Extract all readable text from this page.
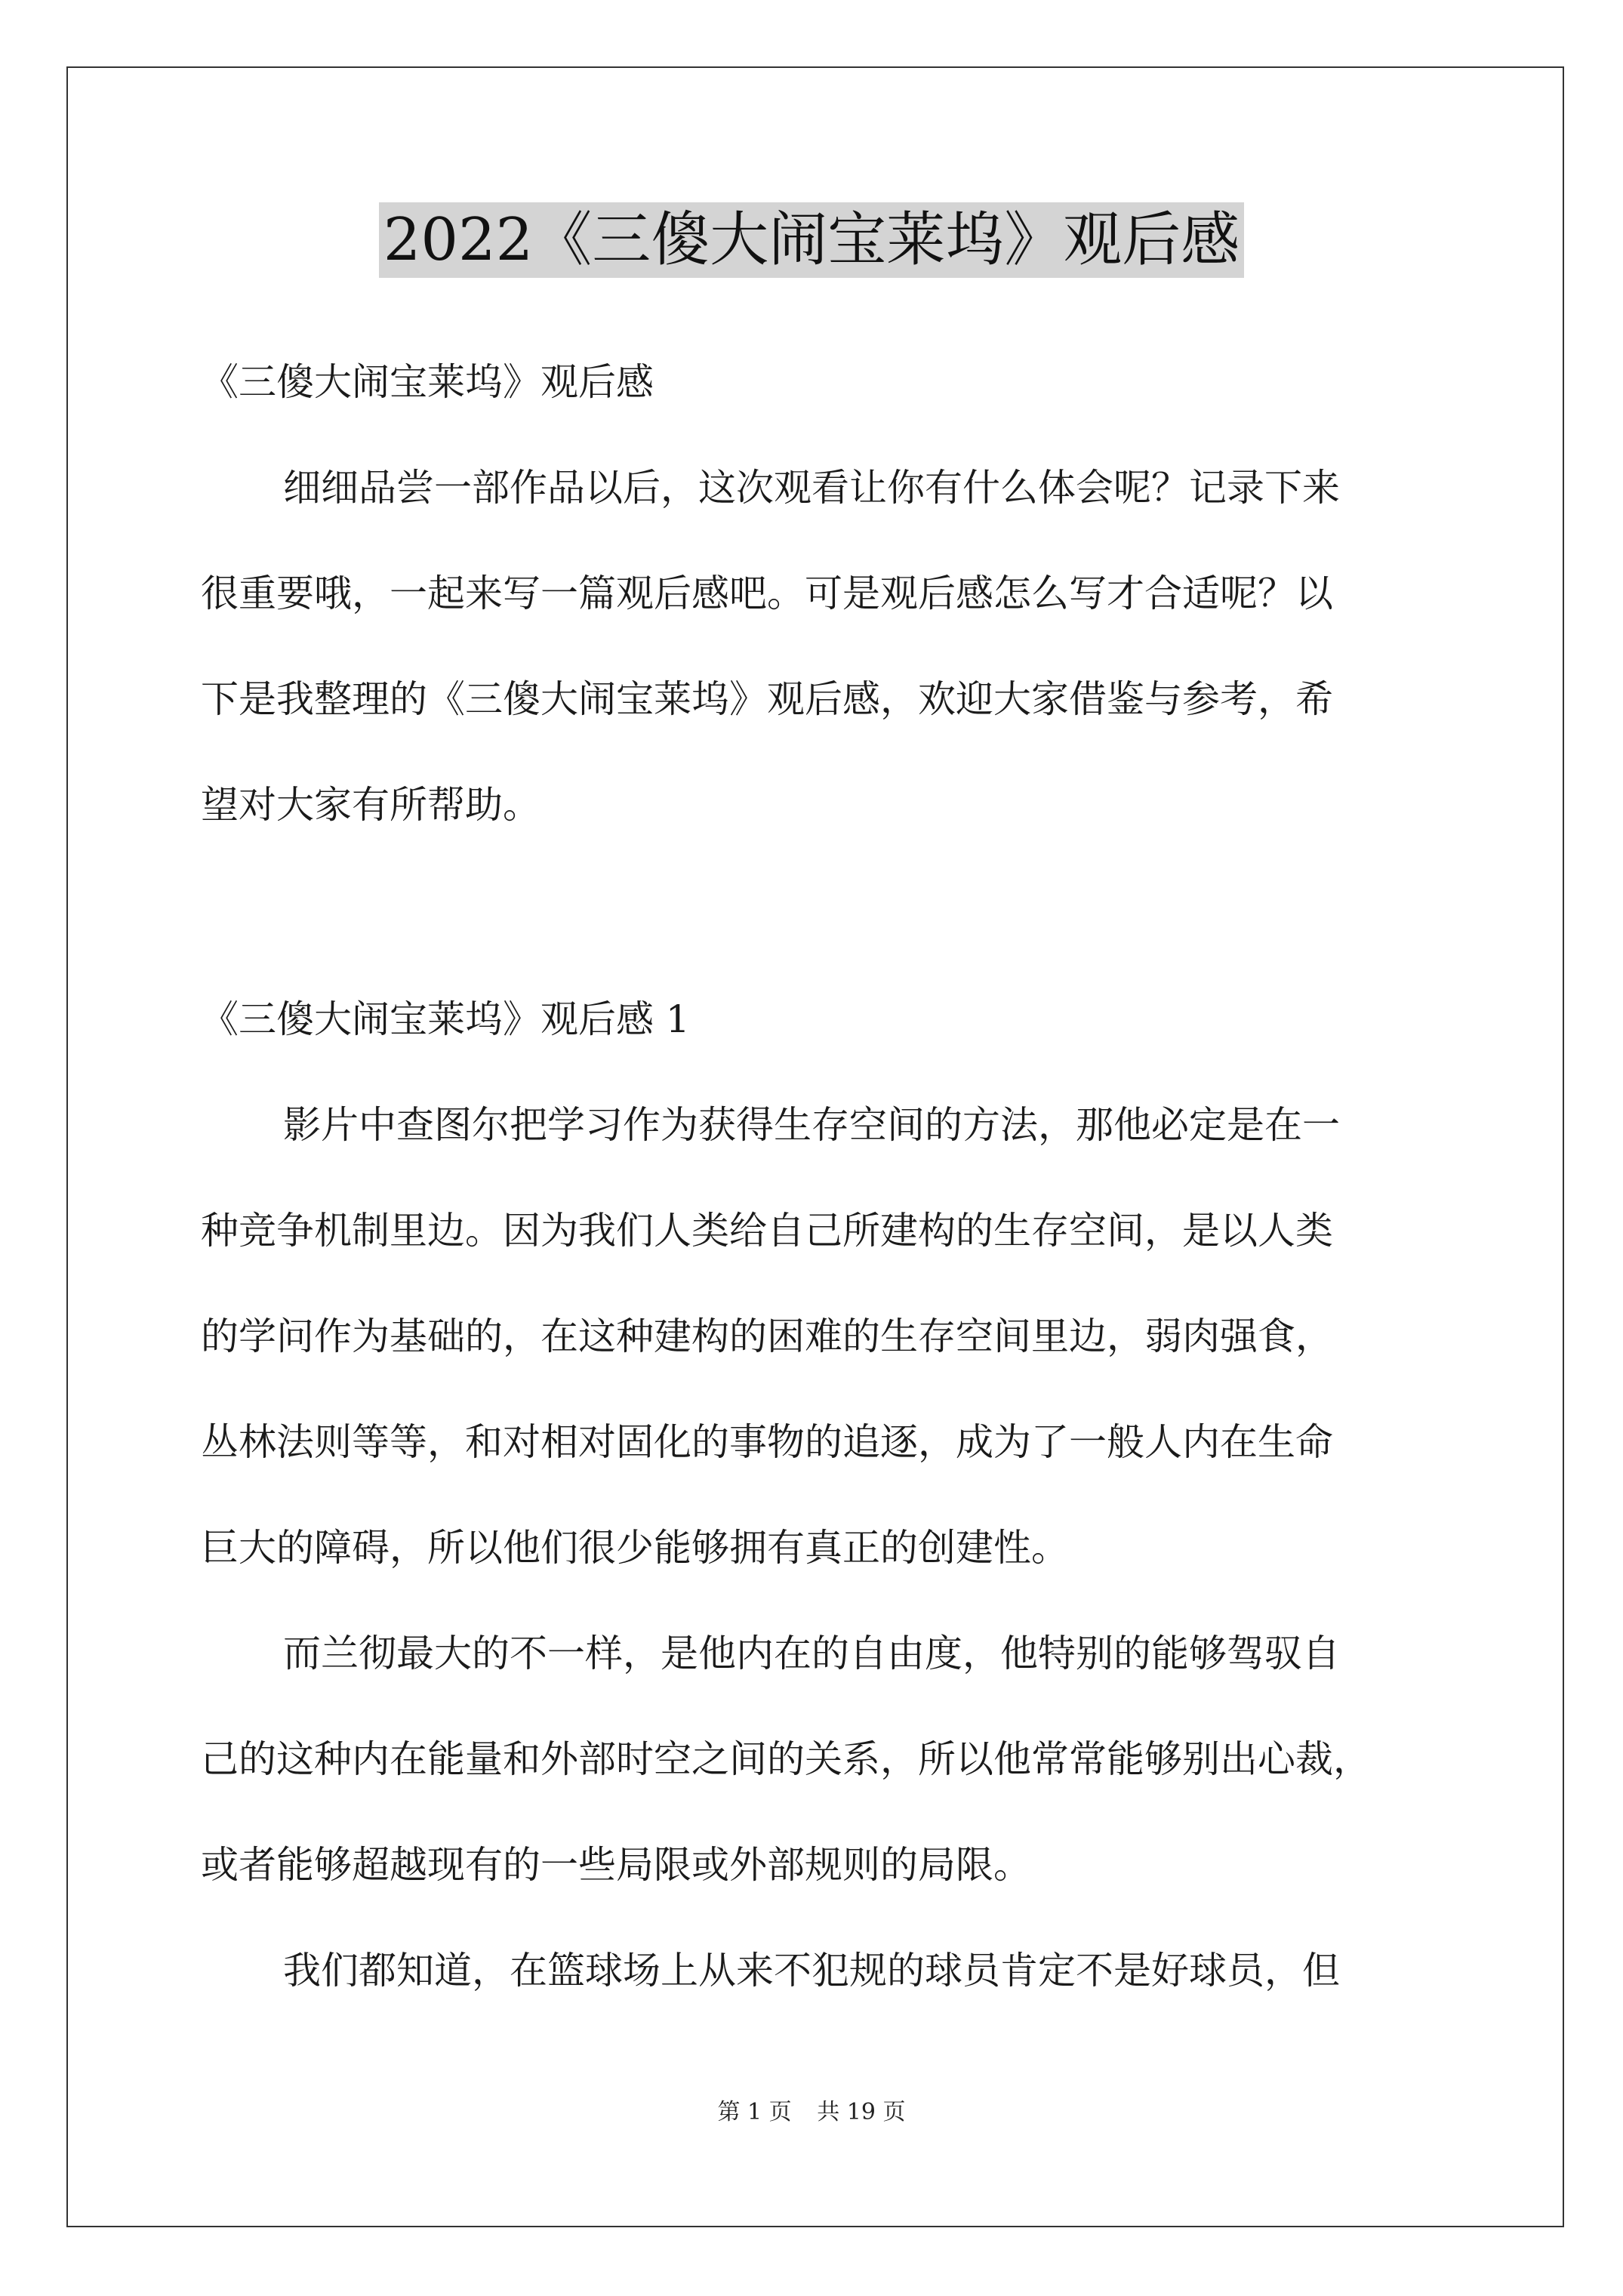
2022《三傻大闹宝莱坞》观后感
《三傻大闹宝莱坞》观后感
细细品尝一部作品以后，这次观看让你有什么体会呢？记录下来
很重要哦，一起来写一篇观后感吧。可是观后感怎么写才合适呢？以
下是我整理的《三傻大闹宝莱坞》观后感，欢迎大家借鉴与参考，希
望对大家有所帮助。
《三傻大闹宝莱坞》观后感 1
影片中查图尔把学习作为获得生存空间的方法，那他必定是在一
种竞争机制里边。因为我们人类给自己所建构的生存空间，是以人类
的学问作为基础的，在这种建构的困难的生存空间里边，弱肉强食，
丛林法则等等，和对相对固化的事物的追逐，成为了一般人内在生命
巨大的障碍，所以他们很少能够拥有真正的创建性。
而兰彻最大的不一样，是他内在的自由度，他特别的能够驾驭自
己的这种内在能量和外部时空之间的关系，所以他常常能够别出心裁，
或者能够超越现有的一些局限或外部规则的局限。
我们都知道，在篮球场上从来不犯规的球员肯定不是好球员，但
第 1 页 共 19 页
